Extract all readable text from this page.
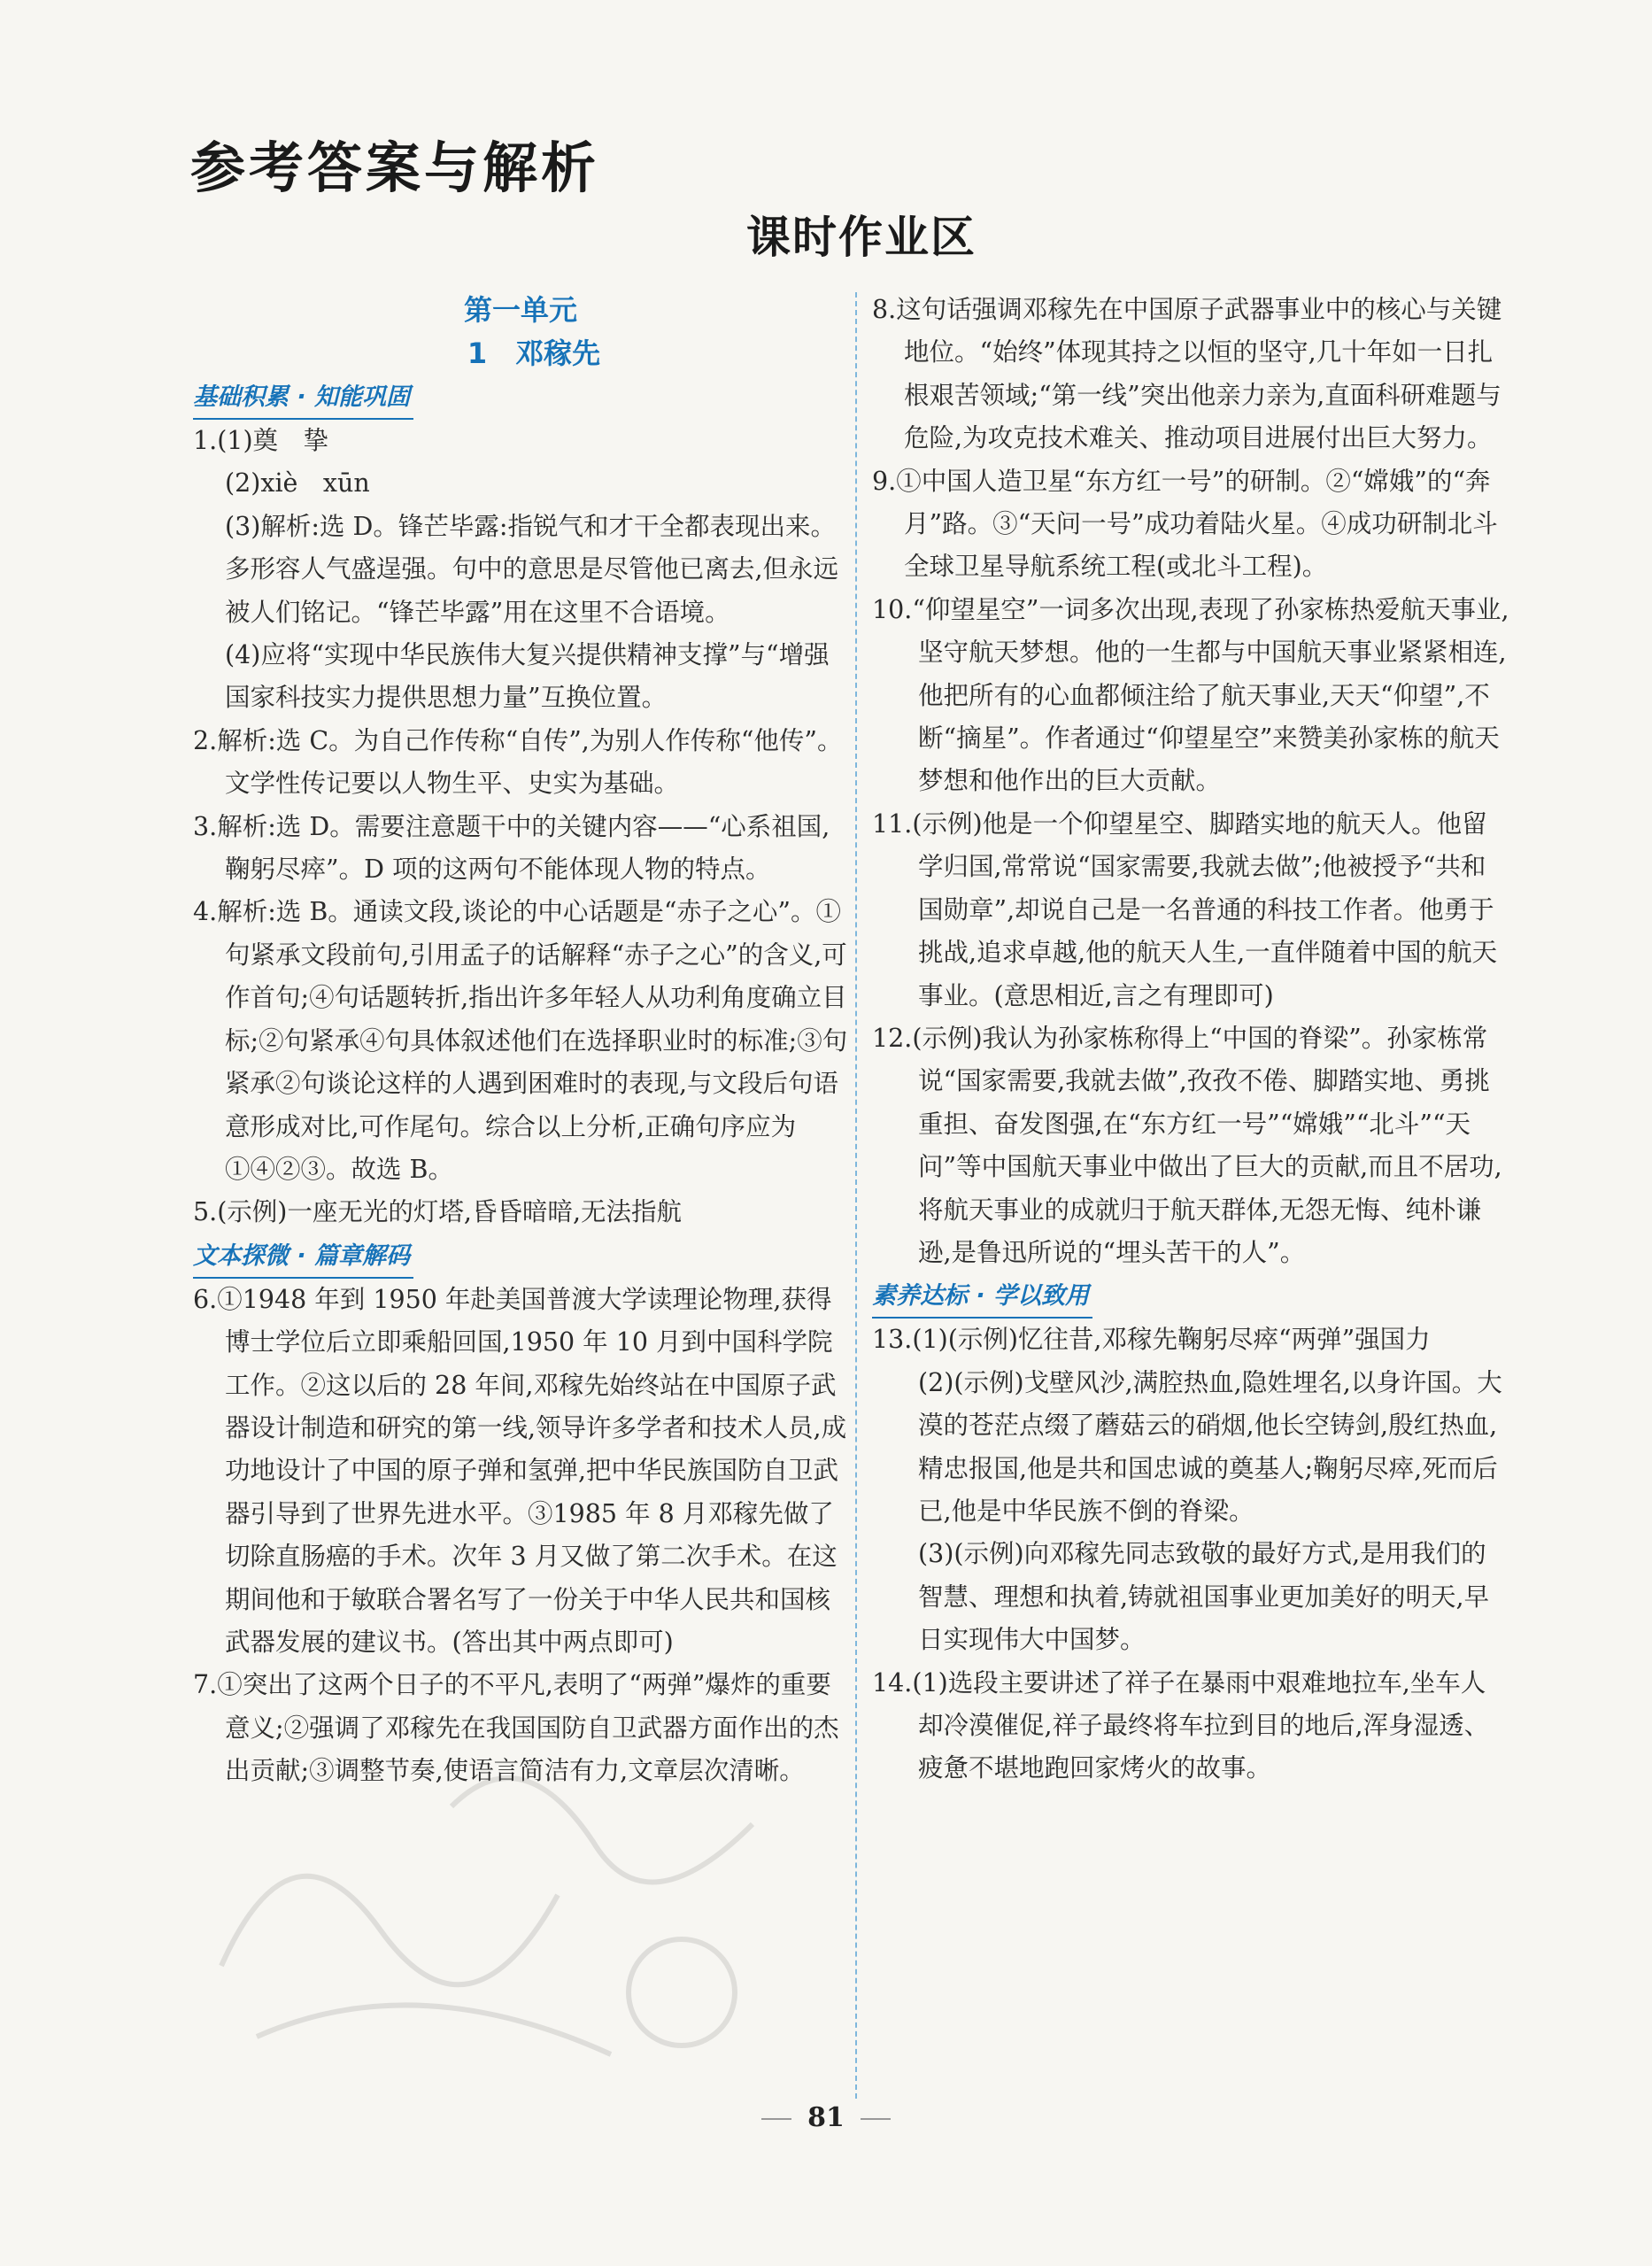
参考答案与解析
课时作业区
第一单元
1　邓稼先
基础积累 · 知能巩固
1.(1)奠　挚
(2)xiè　xūn
(3)解析:选 D。锋芒毕露:指锐气和才干全都表现出来。多形容人气盛逞强。句中的意思是尽管他已离去,但永远被人们铭记。“锋芒毕露”用在这里不合语境。
(4)应将“实现中华民族伟大复兴提供精神支撑”与“增强国家科技实力提供思想力量”互换位置。
2.解析:选 C。为自己作传称“自传”,为别人作传称“他传”。文学性传记要以人物生平、史实为基础。
3.解析:选 D。需要注意题干中的关键内容——“心系祖国,鞠躬尽瘁”。D 项的这两句不能体现人物的特点。
4.解析:选 B。通读文段,谈论的中心话题是“赤子之心”。①句紧承文段前句,引用孟子的话解释“赤子之心”的含义,可作首句;④句话题转折,指出许多年轻人从功利角度确立目标;②句紧承④句具体叙述他们在选择职业时的标准;③句紧承②句谈论这样的人遇到困难时的表现,与文段后句语意形成对比,可作尾句。综合以上分析,正确句序应为①④②③。故选 B。
5.(示例)一座无光的灯塔,昏昏暗暗,无法指航
文本探微 · 篇章解码
6.①1948 年到 1950 年赴美国普渡大学读理论物理,获得博士学位后立即乘船回国,1950 年 10 月到中国科学院工作。②这以后的 28 年间,邓稼先始终站在中国原子武器设计制造和研究的第一线,领导许多学者和技术人员,成功地设计了中国的原子弹和氢弹,把中华民族国防自卫武器引导到了世界先进水平。③1985 年 8 月邓稼先做了切除直肠癌的手术。次年 3 月又做了第二次手术。在这期间他和于敏联合署名写了一份关于中华人民共和国核武器发展的建议书。(答出其中两点即可)
7.①突出了这两个日子的不平凡,表明了“两弹”爆炸的重要意义;②强调了邓稼先在我国国防自卫武器方面作出的杰出贡献;③调整节奏,使语言简洁有力,文章层次清晰。
8.这句话强调邓稼先在中国原子武器事业中的核心与关键地位。“始终”体现其持之以恒的坚守,几十年如一日扎根艰苦领域;“第一线”突出他亲力亲为,直面科研难题与危险,为攻克技术难关、推动项目进展付出巨大努力。
9.①中国人造卫星“东方红一号”的研制。②“嫦娥”的“奔月”路。③“天问一号”成功着陆火星。④成功研制北斗全球卫星导航系统工程(或北斗工程)。
10.“仰望星空”一词多次出现,表现了孙家栋热爱航天事业,坚守航天梦想。他的一生都与中国航天事业紧紧相连,他把所有的心血都倾注给了航天事业,天天“仰望”,不断“摘星”。作者通过“仰望星空”来赞美孙家栋的航天梦想和他作出的巨大贡献。
11.(示例)他是一个仰望星空、脚踏实地的航天人。他留学归国,常常说“国家需要,我就去做”;他被授予“共和国勋章”,却说自己是一名普通的科技工作者。他勇于挑战,追求卓越,他的航天人生,一直伴随着中国的航天事业。(意思相近,言之有理即可)
12.(示例)我认为孙家栋称得上“中国的脊梁”。孙家栋常说“国家需要,我就去做”,孜孜不倦、脚踏实地、勇挑重担、奋发图强,在“东方红一号”“嫦娥”“北斗”“天问”等中国航天事业中做出了巨大的贡献,而且不居功,将航天事业的成就归于航天群体,无怨无悔、纯朴谦逊,是鲁迅所说的“埋头苦干的人”。
素养达标 · 学以致用
13.(1)(示例)忆往昔,邓稼先鞠躬尽瘁“两弹”强国力
(2)(示例)戈壁风沙,满腔热血,隐姓埋名,以身许国。大漠的苍茫点缀了蘑菇云的硝烟,他长空铸剑,殷红热血,精忠报国,他是共和国忠诚的奠基人;鞠躬尽瘁,死而后已,他是中华民族不倒的脊梁。
(3)(示例)向邓稼先同志致敬的最好方式,是用我们的智慧、理想和执着,铸就祖国事业更加美好的明天,早日实现伟大中国梦。
14.(1)选段主要讲述了祥子在暴雨中艰难地拉车,坐车人却冷漠催促,祥子最终将车拉到目的地后,浑身湿透、疲惫不堪地跑回家烤火的故事。
81
